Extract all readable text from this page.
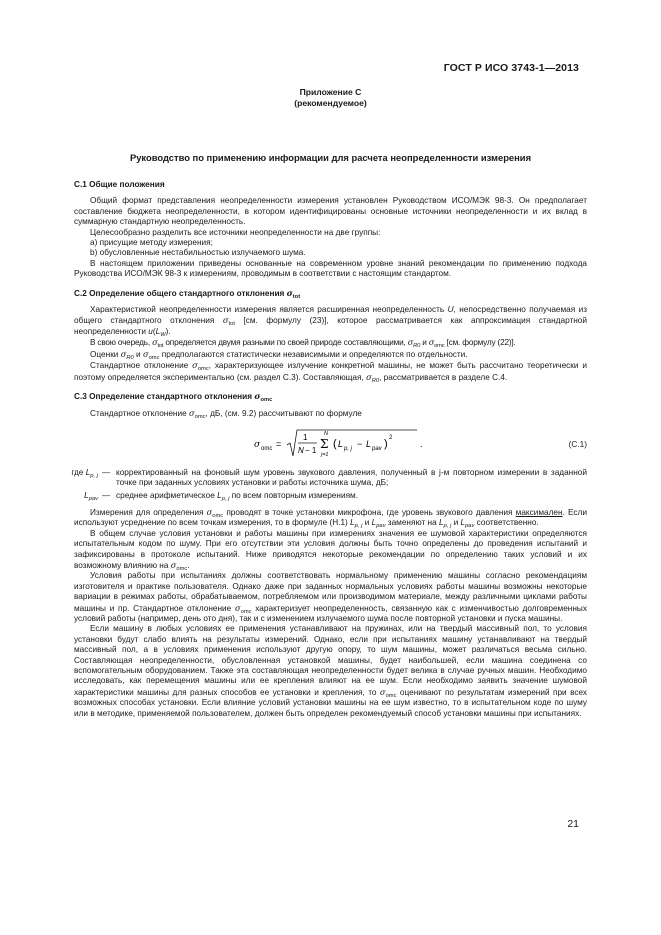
ГОСТ Р ИСО 3743-1—2013
Приложение С
(рекомендуемое)
Руководство по применению информации для расчета неопределенности измерения

С.1 Общие положения

Общий формат представления неопределенности измерения установлен Руководством ИСО/МЭК 98-3. Он предполагает составление бюджета неопределенности, в котором идентифицированы основные источники неопределенности и их вклад в суммарную стандартную неопределенность.

Целесообразно разделить все источники неопределенности на две группы:

a) присущие методу измерения;

b) обусловленные нестабильностью излучаемого шума.

В настоящем приложении приведены основанные на современном уровне знаний рекомендации по применению подхода Руководства ИСО/МЭК 98-3 к измерениям, проводимым в соответствии с настоящим стандартом.

С.2 Определение общего стандартного отклонения $\sigma_{tot}$

Характеристикой неопределенности измерения является расширенная неопределенность U, непосредственно получаемая из общего стандартного отклонения $\sigma_{tot}$ [см. формулу (23)], которое рассматривается как аппроксимация стандартной неопределенности $u(L_W)$.

В свою очередь, $\sigma_{tot}$ определяется двумя разными по своей природе составляющими, $\sigma_{R0}$ и $\sigma_{omc}$ [см. формулу (22)].

Оценки $\sigma_{R0}$ и $\sigma_{omc}$ предполагаются статистически независимыми и определяются по отдельности.

Стандартное отклонение $\sigma_{omc}$, характеризующее излучение конкретной машины, не может быть рассчитано теоретически и поэтому определяется экспериментально (см. раздел С.3). Составляющая, $\sigma_{R0}$, рассматривается в разделе С.4.

С.3 Определение стандартного отклонения $\sigma_{omc}$

Стандартное отклонение $\sigma_{omc}$, дБ, (см. 9.2) рассчитывают по формуле

σ omc =
1
N − 1
N
Σ
j=1
( L p, j − L pav ) 2
.	(С.1)
где $L_{p, j}$ — корректированный на фоновый шум уровень звукового давления, полученный в j-м повторном измерении в заданной точке при заданных условиях установки и работы источника шума, дБ;
$L_{pav}$ — среднее арифметическое $L_{p, j}$ по всем повторным измерениям.

Измерения для определения $\sigma_{omc}$ проводят в точке установки микрофона, где уровень звукового давления максимален. Если используют усреднение по всем точкам измерения, то в формуле (Н.1) $L_{p, j}$ и $L_{pav}$ заменяют на $L_{p, j}$ и $L_{pav}$ соответственно.

В общем случае условия установки и работы машины при измерениях значения ее шумовой характеристики определяются испытательным кодом по шуму. При его отсутствии эти условия должны быть точно определены до проведения испытаний и зафиксированы в протоколе испытаний. Ниже приводятся некоторые рекомендации по определению таких условий и их возможному влиянию на $\sigma_{omc}$.

Условия работы при испытаниях должны соответствовать нормальному применению машины согласно рекомендациям изготовителя и практике пользователя. Однако даже при заданных нормальных условиях работы машины возможны некоторые вариации в режимах работы, обрабатываемом, потребляемом или производимом материале, между различными циклами работы машины и пр. Стандартное отклонение $\sigma_{omc}$ характеризует неопределенность, связанную как с изменчивостью долговременных условий работы (например, день ото дня), так и с изменением излучаемого шума после повторной установки и пуска машины.

Если машину в любых условиях ее применения устанавливают на пружинах, или на твердый массивный пол, то условия установки будут слабо влиять на результаты измерений. Однако, если при испытаниях машину устанавливают на твердый массивный пол, а в условиях применения используют другую опору, то шум машины, может различаться весьма сильно. Составляющая неопределенности, обусловленная установкой машины, будет наибольшей, если машина соединена со вспомогательным оборудованием. Также эта составляющая неопределенности будет велика в случае ручных машин. Необходимо исследовать, как перемещения машины или ее крепления влияют на ее шум. Если необходимо заявить значение шумовой характеристики машины для разных способов ее установки и крепления, то $\sigma_{omc}$ оценивают по результатам измерений при всех возможных способах установки. Если влияние условий установки машины на ее шум известно, то в испытательном коде по шуму или в методике, применяемой пользователем, должен быть определен рекомендуемый способ установки машины при испытаниях.

21
